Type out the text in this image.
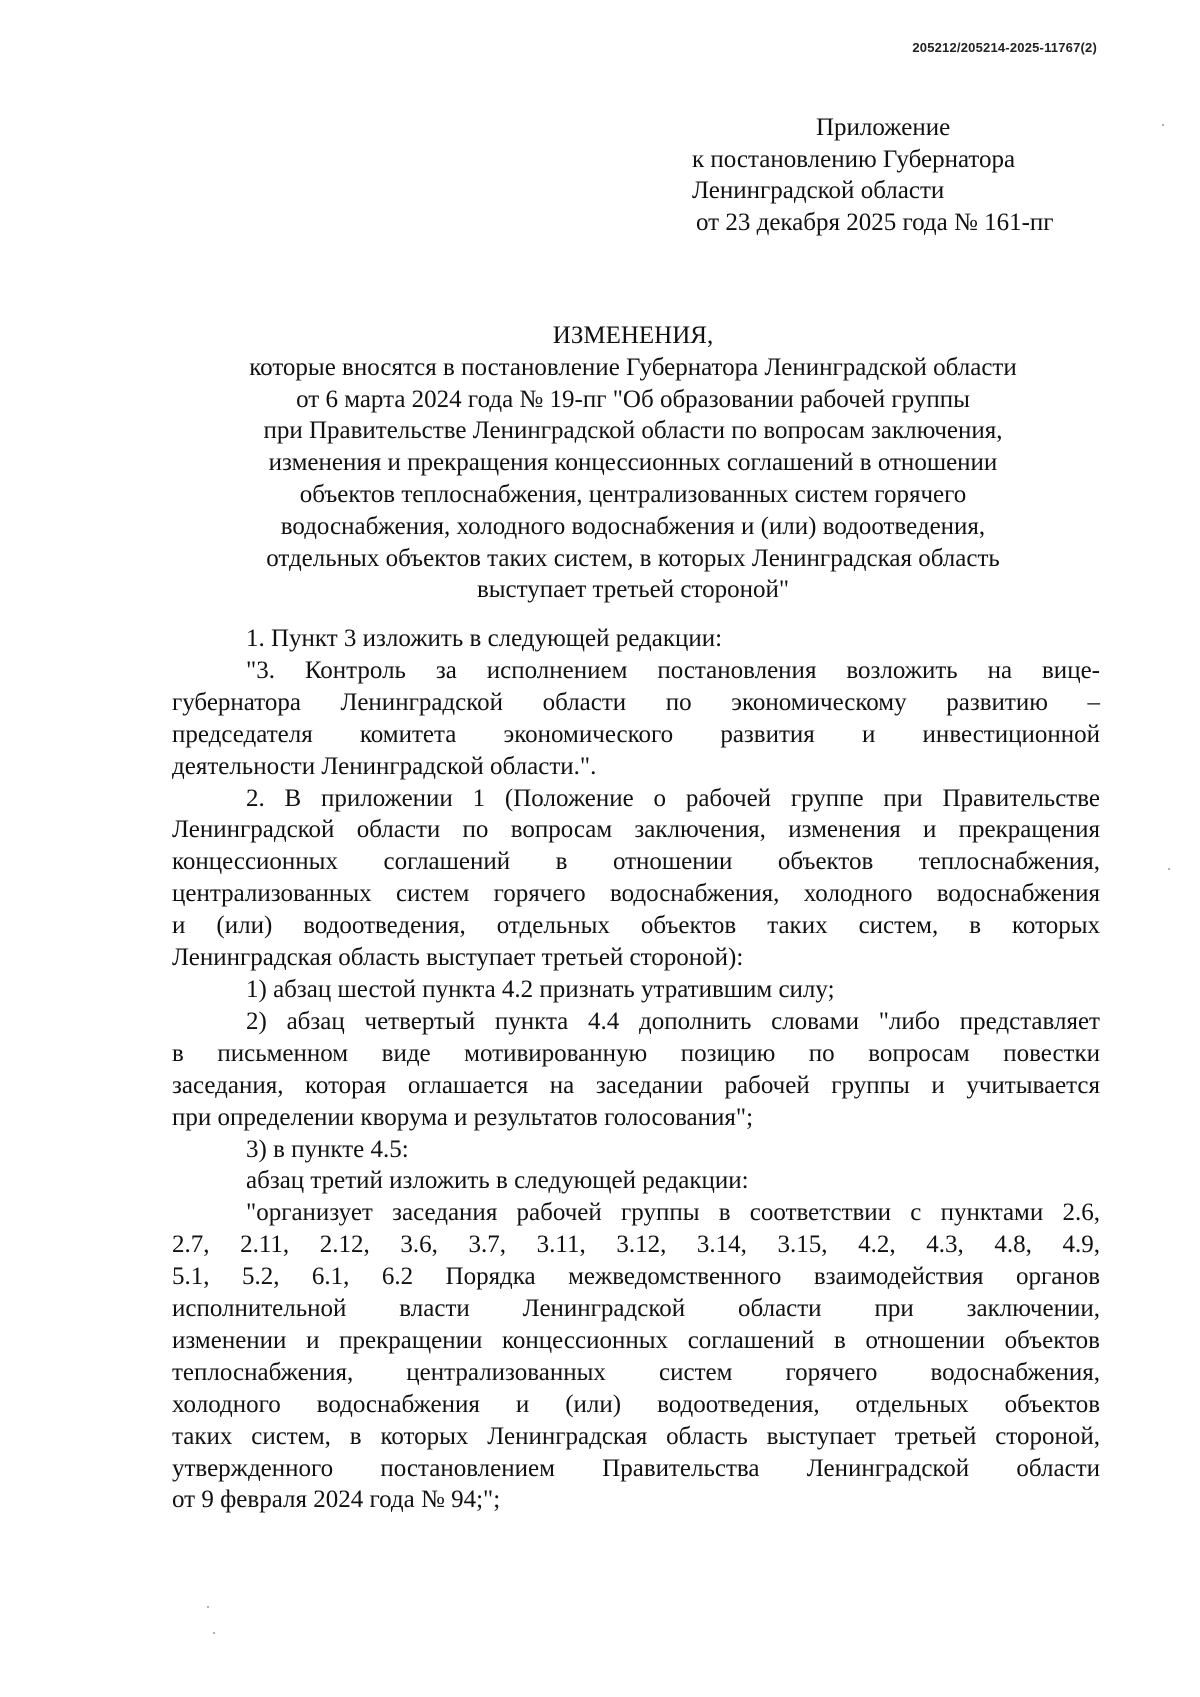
205212/205214-2025-11767(2)
Приложение
к постановлению Губернатора
Ленинградской области
от 23 декабря 2025 года № 161-пг
ИЗМЕНЕНИЯ,
которые вносятся в постановление Губернатора Ленинградской области
от 6 марта 2024 года № 19-пг "Об образовании рабочей группы
при Правительстве Ленинградской области по вопросам заключения,
изменения и прекращения концессионных соглашений в отношении
объектов теплоснабжения, централизованных систем горячего
водоснабжения, холодного водоснабжения и (или) водоотведения,
отдельных объектов таких систем, в которых Ленинградская область
выступает третьей стороной"

1. Пункт 3 изложить в следующей редакции:

"3. Контроль за исполнением постановления возложить на вице-
губернатора Ленинградской области по экономическому развитию –
председателя комитета экономического развития и инвестиционной
деятельности Ленинградской области.".
2. В приложении 1 (Положение о рабочей группе при Правительстве
Ленинградской области по вопросам заключения, изменения и прекращения
концессионных соглашений в отношении объектов теплоснабжения,
централизованных систем горячего водоснабжения, холодного водоснабжения
и (или) водоотведения, отдельных объектов таких систем, в которых
Ленинградская область выступает третьей стороной):

1) абзац шестой пункта 4.2 признать утратившим силу;

2) абзац четвертый пункта 4.4 дополнить словами "либо представляет
в письменном виде мотивированную позицию по вопросам повестки
заседания, которая оглашается на заседании рабочей группы и учитывается
при определении кворума и результатов голосования";

3) в пункте 4.5:

абзац третий изложить в следующей редакции:

"организует заседания рабочей группы в соответствии с пунктами 2.6,
2.7, 2.11, 2.12, 3.6, 3.7, 3.11, 3.12, 3.14, 3.15, 4.2, 4.3, 4.8, 4.9,
5.1, 5.2, 6.1, 6.2 Порядка межведомственного взаимодействия органов
исполнительной власти Ленинградской области при заключении,
изменении и прекращении концессионных соглашений в отношении объектов
теплоснабжения, централизованных систем горячего водоснабжения,
холодного водоснабжения и (или) водоотведения, отдельных объектов
таких систем, в которых Ленинградская область выступает третьей стороной,
утвержденного постановлением Правительства Ленинградской области
от 9 февраля 2024 года № 94;";
